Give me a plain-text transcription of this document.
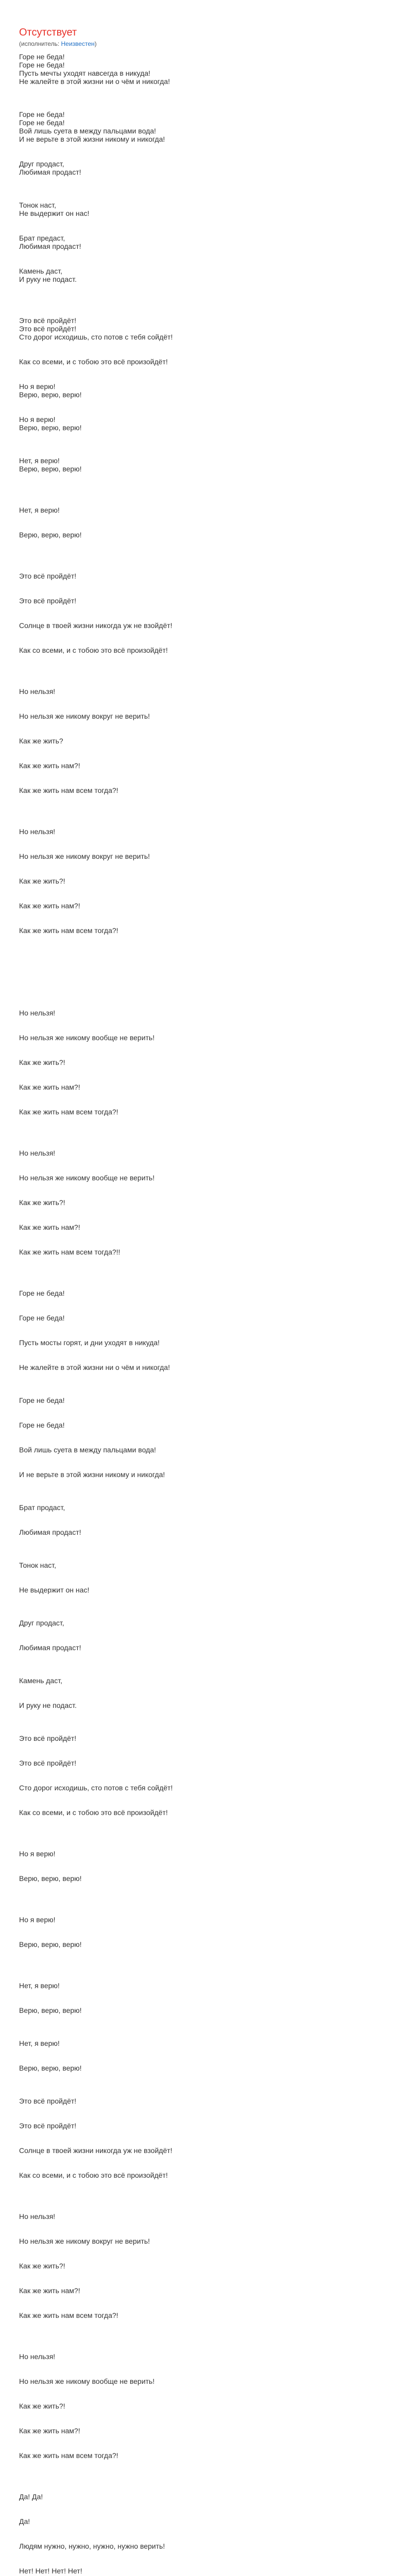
Отсутствует
(исполнитель: Неизвестен)
Горе не беда!
Горе не беда!
Пусть мечты уходят навсегда в никуда!
Не жалейте в этой жизни ни о чём и никогда!

Горе не беда!
Горе не беда!
Вой лишь суета в между пальцами вода!
И не верьте в этой жизни никому и никогда!

Друг продаст,
Любимая продаст!

Тонок наст,
Не выдержит он нас!

Брат предаст,
Любимая продаст!

Камень даст,
И руку не подаст.

Это всё пройдёт!
Это всё пройдёт!
Сто дорог исходишь, сто потов с тебя сойдёт!

Как со всеми, и с тобою это всё произойдёт!

Но я верю!
Верю, верю, верю!

Но я верю!
Верю, верю, верю!

Нет, я верю!
Верю, верю, верю!

Нет, я верю!

Верю, верю, верю!

Это всё пройдёт!

Это всё пройдёт!

Солнце в твоей жизни никогда уж не взойдёт!

Как со всеми, и с тобою это всё произойдёт!

Но нельзя!

Но нельзя же никому вокруг не верить!

Как же жить?

Как же жить нам?!

Как же жить нам всем тогда?!

Но нельзя!

Но нельзя же никому вокруг не верить!

Как же жить?!

Как же жить нам?!

Как же жить нам всем тогда?!

Но нельзя!

Но нельзя же никому вообще не верить!

Как же жить?!

Как же жить нам?!

Как же жить нам всем тогда?!

Но нельзя!

Но нельзя же никому вообще не верить!

Как же жить?!

Как же жить нам?!

Как же жить нам всем тогда?!!

Горе не беда!

Горе не беда!

Пусть мосты горят, и дни уходят в никуда!

Не жалейте в этой жизни ни о чём и никогда!

Горе не беда!

Горе не беда!

Вой лишь суета в между пальцами вода!

И не верьте в этой жизни никому и никогда!

Брат продаст,

Любимая продаст!

Тонок наст,

Не выдержит он нас!

Друг продаст,

Любимая продаст!

Камень даст,

И руку не подаст.

Это всё пройдёт!

Это всё пройдёт!

Сто дорог исходишь, сто потов с тебя сойдёт!

Как со всеми, и с тобою это всё произойдёт!

Но я верю!

Верю, верю, верю!

Но я верю!

Верю, верю, верю!

Нет, я верю!

Верю, верю, верю!

Нет, я верю!

Верю, верю, верю!

Это всё пройдёт!

Это всё пройдёт!

Солнце в твоей жизни никогда уж не взойдёт!

Как со всеми, и с тобою это всё произойдёт!

Но нельзя!

Но нельзя же никому вокруг не верить!

Как же жить?!

Как же жить нам?!

Как же жить нам всем тогда?!

Но нельзя!

Но нельзя же никому вообще не верить!

Как же жить?!

Как же жить нам?!

Как же жить нам всем тогда?!

Да! Да!

Да!

Людям нужно, нужно, нужно, нужно верить!

Нет! Нет! Нет! Нет!
